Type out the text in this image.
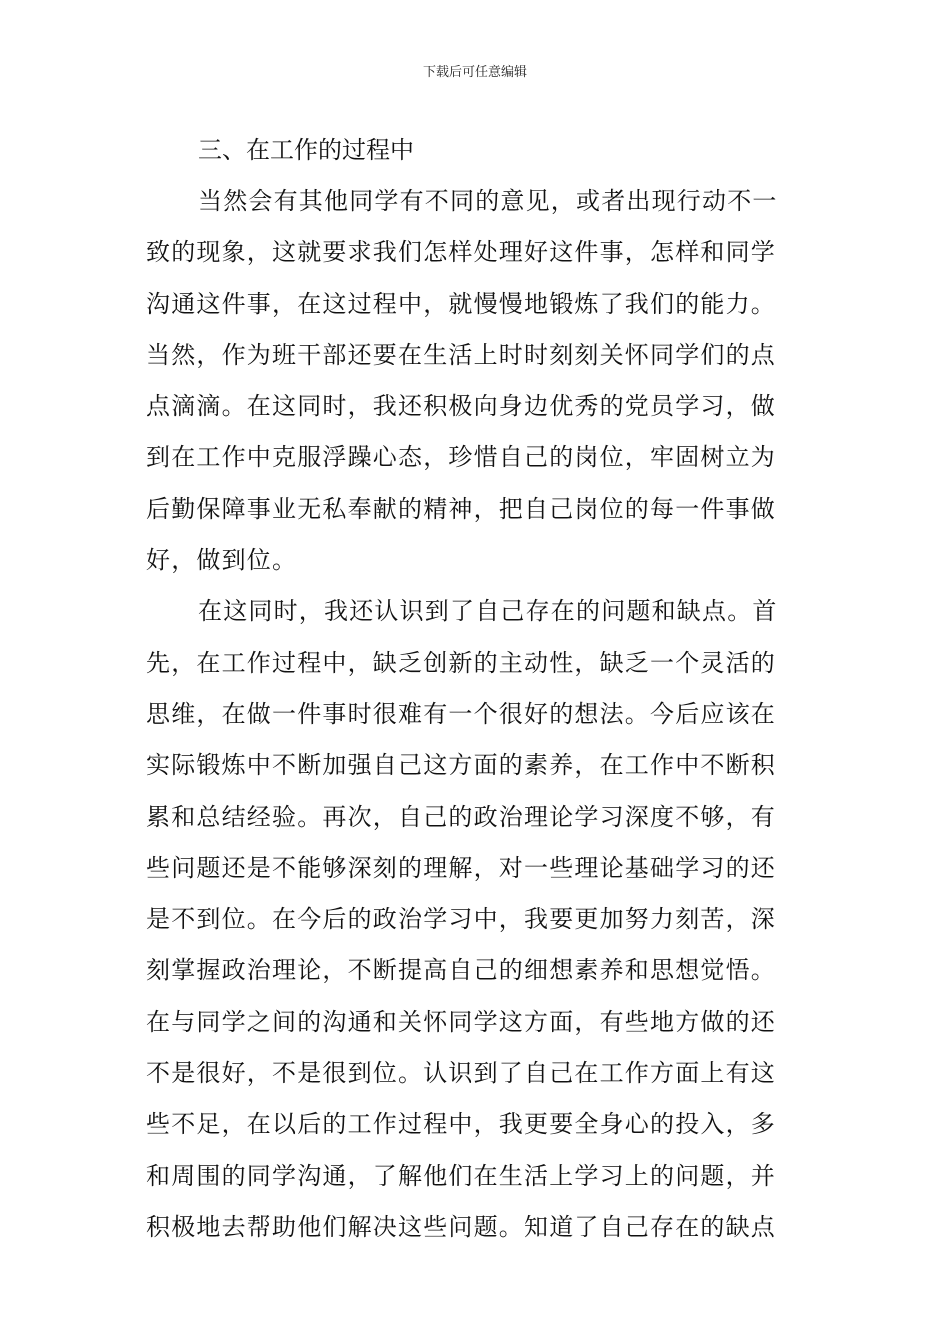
下载后可任意编辑
三、在工作的过程中
当然会有其他同学有不同的意见，或者出现行动不一
致的现象，这就要求我们怎样处理好这件事，怎样和同学
沟通这件事，在这过程中，就慢慢地锻炼了我们的能力。
当然，作为班干部还要在生活上时时刻刻关怀同学们的点
点滴滴。在这同时，我还积极向身边优秀的党员学习，做
到在工作中克服浮躁心态，珍惜自己的岗位，牢固树立为
后勤保障事业无私奉献的精神，把自己岗位的每一件事做
好，做到位。
在这同时，我还认识到了自己存在的问题和缺点。首
先，在工作过程中，缺乏创新的主动性，缺乏一个灵活的
思维，在做一件事时很难有一个很好的想法。今后应该在
实际锻炼中不断加强自己这方面的素养，在工作中不断积
累和总结经验。再次，自己的政治理论学习深度不够，有
些问题还是不能够深刻的理解，对一些理论基础学习的还
是不到位。在今后的政治学习中，我要更加努力刻苦，深
刻掌握政治理论，不断提高自己的细想素养和思想觉悟。
在与同学之间的沟通和关怀同学这方面，有些地方做的还
不是很好，不是很到位。认识到了自己在工作方面上有这
些不足，在以后的工作过程中，我更要全身心的投入，多
和周围的同学沟通，了解他们在生活上学习上的问题，并
积极地去帮助他们解决这些问题。知道了自己存在的缺点
